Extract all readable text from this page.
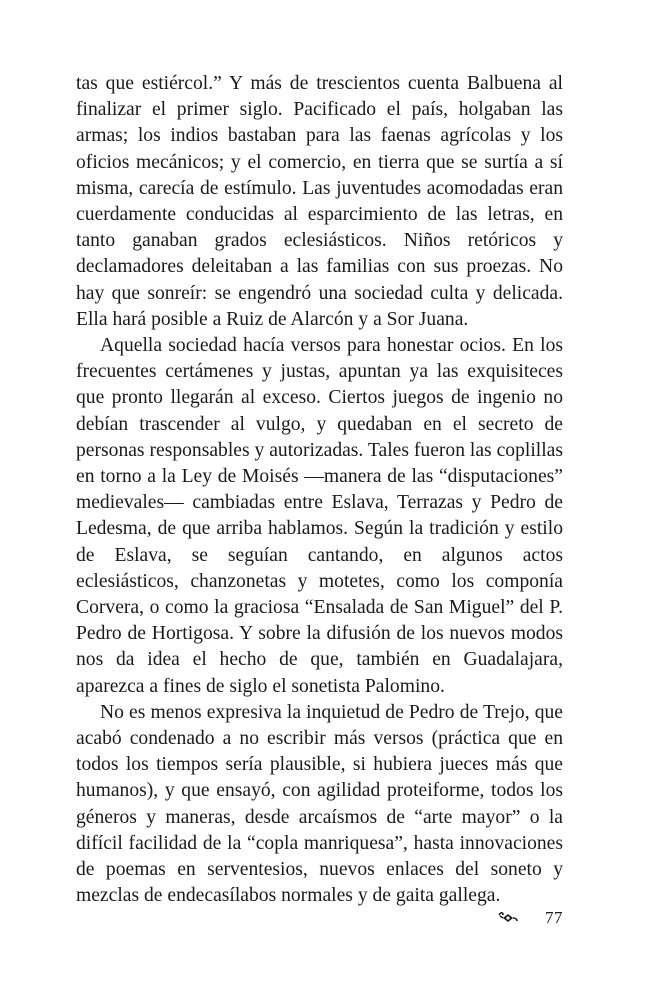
tas que estiércol.” Y más de trescientos cuenta Balbuena al finalizar el primer siglo. Pacificado el país, holgaban las armas; los indios bastaban para las faenas agrícolas y los oficios mecánicos; y el comercio, en tierra que se surtía a sí misma, carecía de estímulo. Las juventudes acomodadas eran cuerdamente conducidas al esparcimiento de las letras, en tanto ganaban grados eclesiásticos. Niños retóricos y declamadores deleitaban a las familias con sus proezas. No hay que sonreír: se engendró una sociedad culta y delicada. Ella hará posible a Ruiz de Alarcón y a Sor Juana.

Aquella sociedad hacía versos para honestar ocios. En los frecuentes certámenes y justas, apuntan ya las exquisiteces que pronto llegarán al exceso. Ciertos juegos de ingenio no debían trascender al vulgo, y quedaban en el secreto de personas responsables y autorizadas. Tales fueron las coplillas en torno a la Ley de Moisés —manera de las “disputaciones” medievales— cambiadas entre Eslava, Terrazas y Pedro de Ledesma, de que arriba hablamos. Según la tradición y estilo de Eslava, se seguían cantando, en algunos actos eclesiásticos, chanzonetas y motetes, como los componía Corvera, o como la graciosa “Ensalada de San Miguel” del P. Pedro de Hortigosa. Y sobre la difusión de los nuevos modos nos da idea el hecho de que, también en Guadalajara, aparezca a fines de siglo el sonetista Palomino.

No es menos expresiva la inquietud de Pedro de Trejo, que acabó condenado a no escribir más versos (práctica que en todos los tiempos sería plausible, si hubiera jueces más que humanos), y que ensayó, con agilidad proteiforme, todos los géneros y maneras, desde arcaísmos de “arte mayor” o la difícil facilidad de la “copla manriquesa”, hasta innovaciones de poemas en serventesios, nuevos enlaces del soneto y mezclas de endecasílabos normales y de gaita gallega.

77
